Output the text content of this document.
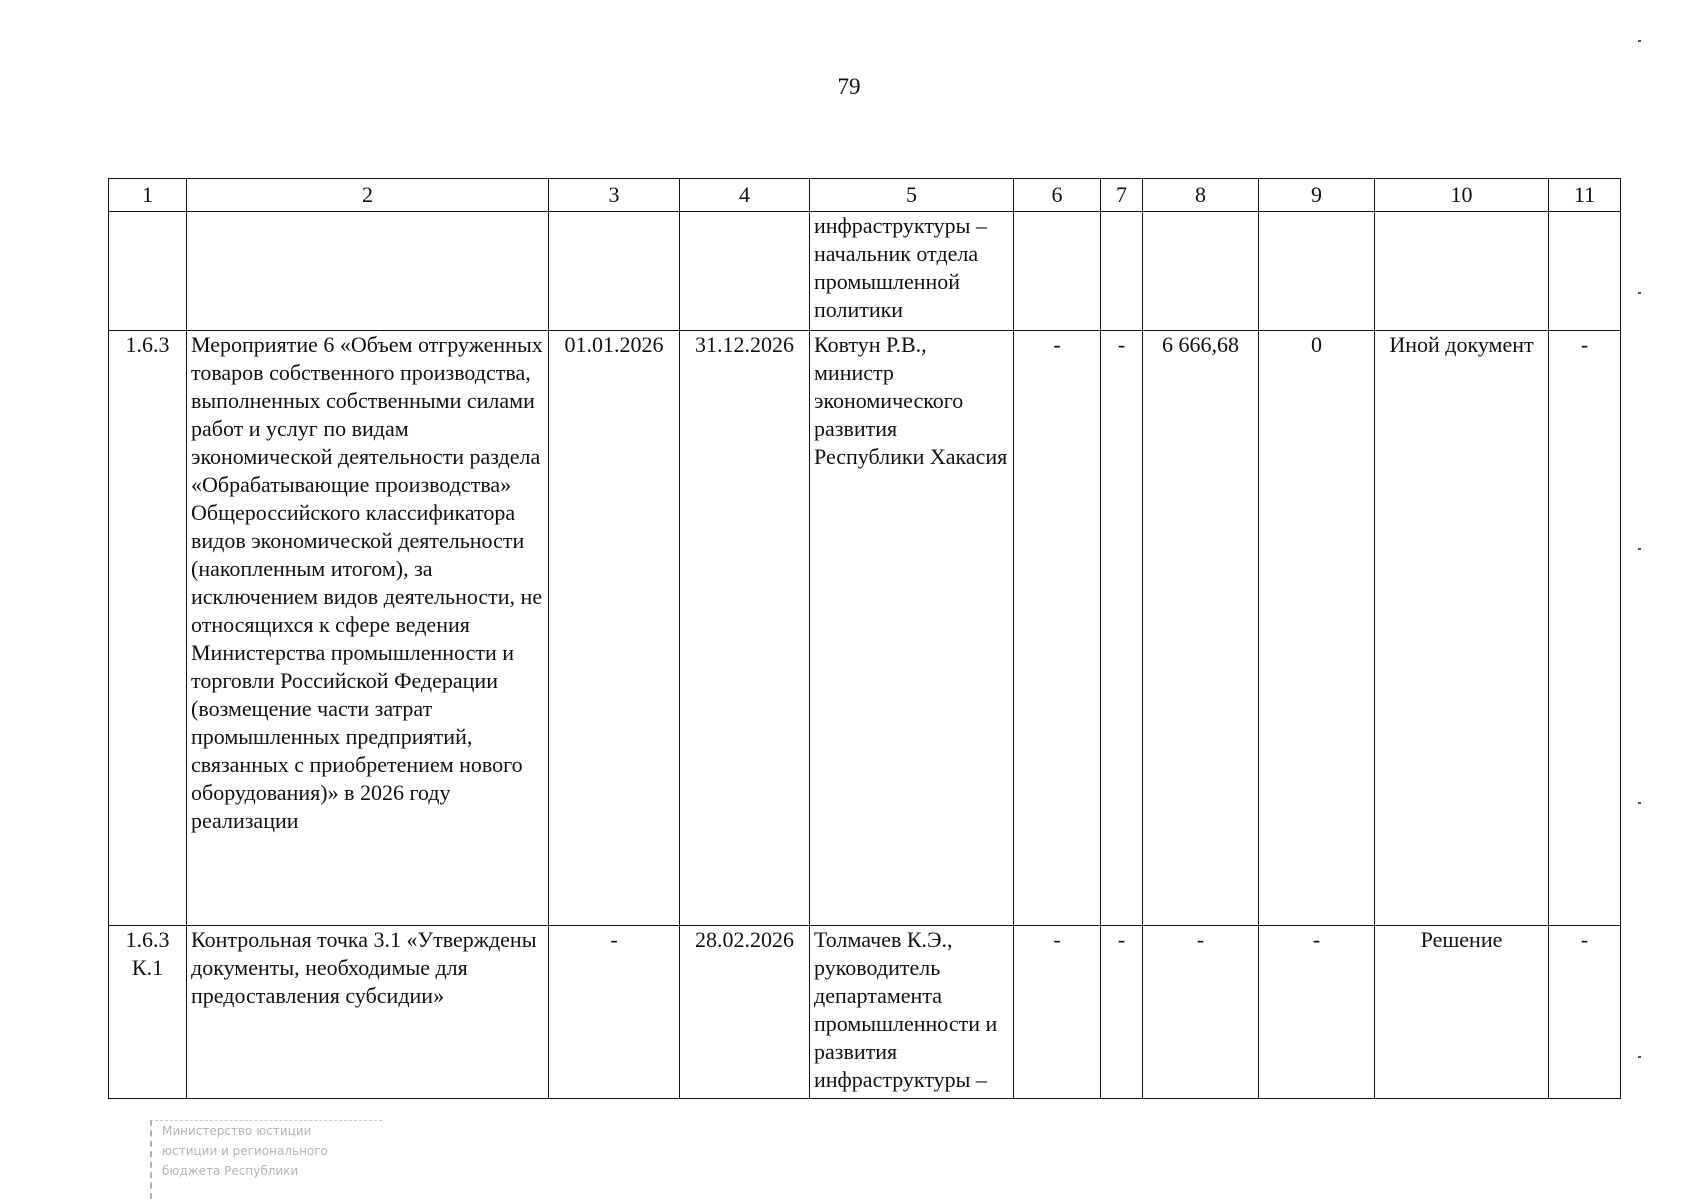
79
1	2	3	4	5	6	7	8	9	10	11
				инфраструктуры – начальник отдела промышленной политики						
1.6.3	Мероприятие 6 «Объем отгруженных товаров собственного производства, выполненных собственными силами работ и услуг по видам экономической деятельности раздела «Обрабатывающие производства» Общероссийского классификатора видов экономической деятельности (накопленным итогом), за исключением видов деятельности, не относящихся к сфере ведения Министерства промышленности и торговли Российской Федерации (возмещение части затрат промышленных предприятий, связанных с приобретением нового оборудования)» в 2026 году реализации	01.01.2026	31.12.2026	Ковтун Р.В., министр экономического развития Республики Хакасия	-	-	6 666,68	0	Иной документ	-
1.6.3 К.1	Контрольная точка 3.1 «Утверждены документы, необходимые для предоставления субсидии»	-	28.02.2026	Толмачев К.Э., руководитель департамента промышленности и развития инфраструктуры –	-	-	-	-	Решение	-
Министерство юстиции
юстиции и регионального
бюджета Республики
